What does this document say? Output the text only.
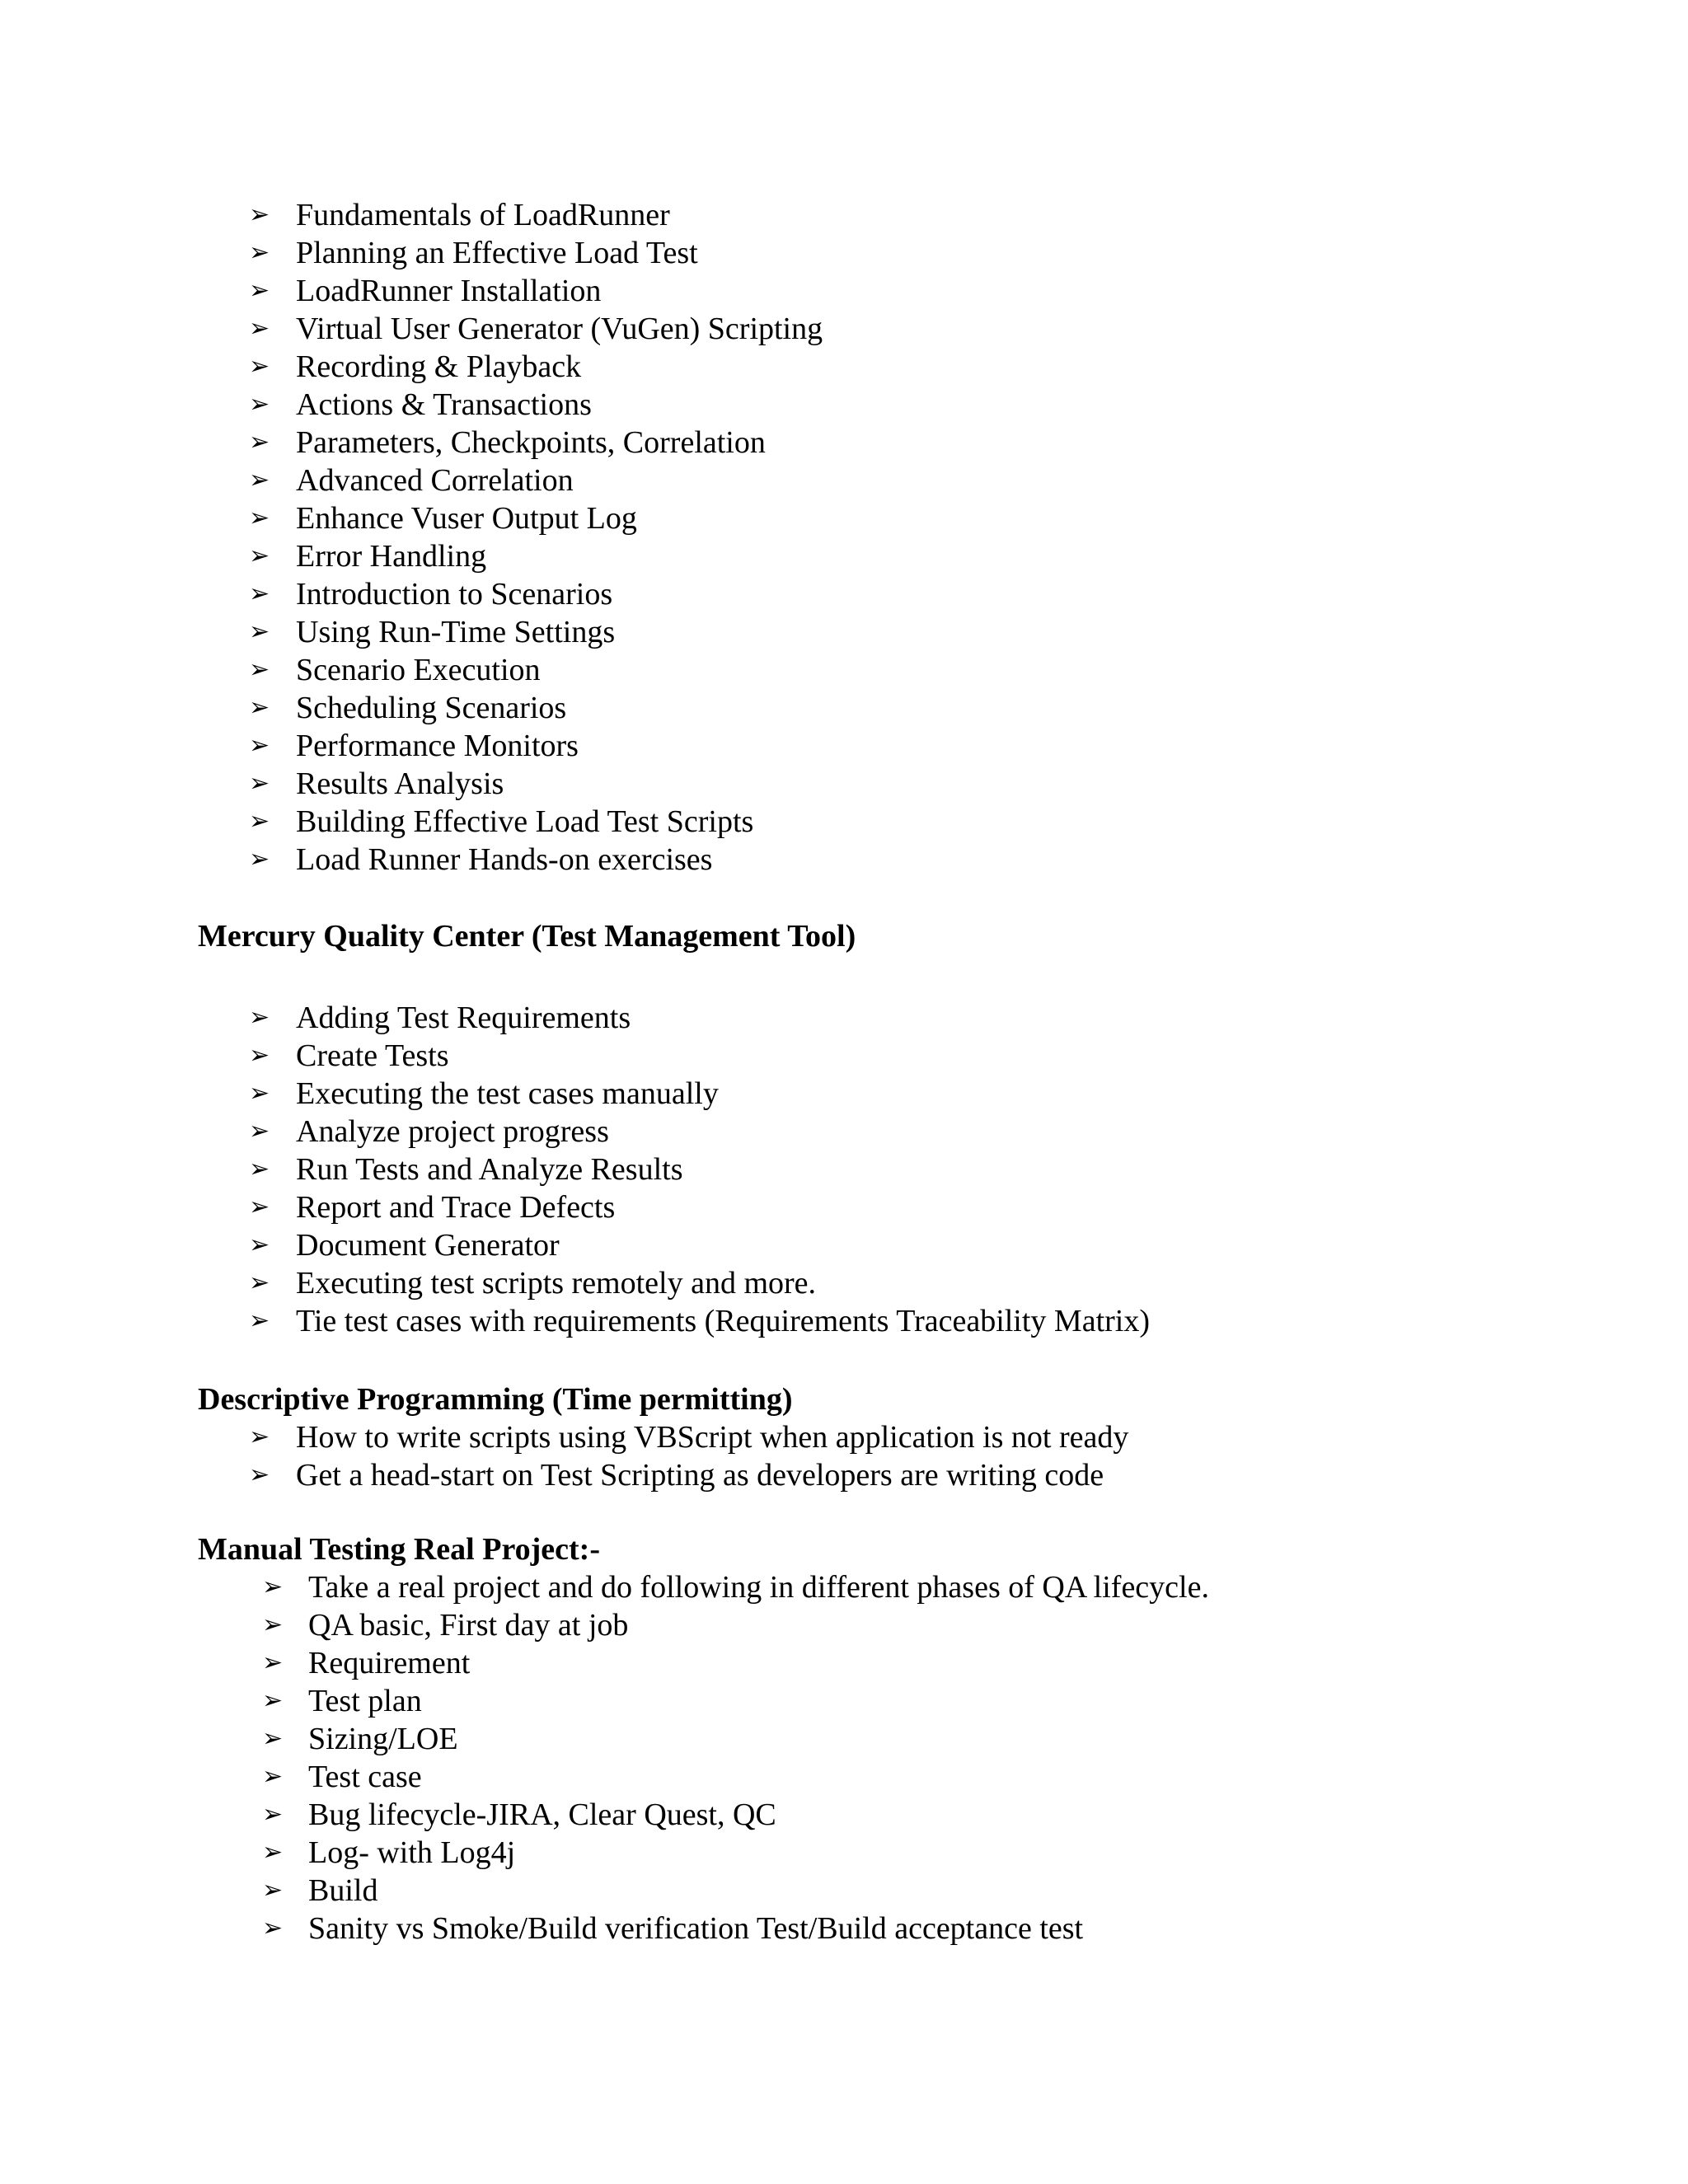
➢ Fundamentals of LoadRunner
➢ Planning an Effective Load Test
➢ LoadRunner Installation
➢ Virtual User Generator (VuGen) Scripting
➢ Recording & Playback
➢ Actions & Transactions
➢ Parameters, Checkpoints, Correlation
➢ Advanced Correlation
➢ Enhance Vuser Output Log
➢ Error Handling
➢ Introduction to Scenarios
➢ Using Run-Time Settings
➢ Scenario Execution
➢ Scheduling Scenarios
➢ Performance Monitors
➢ Results Analysis
➢ Building Effective Load Test Scripts
➢ Load Runner Hands-on exercises
Mercury Quality Center (Test Management Tool)
➢ Adding Test Requirements
➢ Create Tests
➢ Executing the test cases manually
➢ Analyze project progress
➢ Run Tests and Analyze Results
➢ Report and Trace Defects
➢ Document Generator
➢ Executing test scripts remotely and more.
➢ Tie test cases with requirements (Requirements Traceability Matrix)
Descriptive Programming (Time permitting)
➢ How to write scripts using VBScript when application is not ready
➢ Get a head-start on Test Scripting as developers are writing code
Manual Testing Real Project:-
➢ Take a real project and do following in different phases of QA lifecycle.
➢ QA basic, First day at job
➢ Requirement
➢ Test plan
➢ Sizing/LOE
➢ Test case
➢ Bug lifecycle-JIRA, Clear Quest, QC
➢ Log- with Log4j
➢ Build
➢ Sanity vs Smoke/Build verification Test/Build acceptance test
